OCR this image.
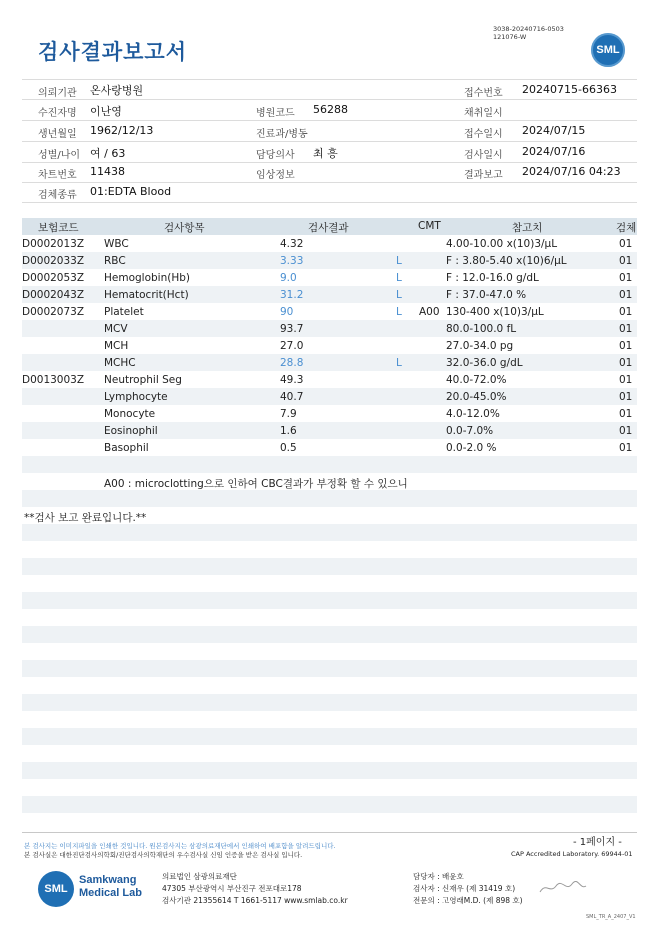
검사결과보고서
3038-20240716-0503
121076-W
SML
의뢰기관 온사랑병원	접수번호 20240715-66363
수진자명 이난영	병원코드 56288	채취일시
생년월일 1962/12/13	진료과/병동	접수일시 2024/07/15
성별/나이 여 / 63	담당의사 최 흥	검사일시 2024/07/16
차트번호 11438	임상정보	결과보고 2024/07/16 04:23
검체종류 01:EDTA Blood
보험코드	검사항목	검사결과	CMT	참고치	검체
A00 : microclotting으로 인하여 CBC결과가 부정확 할 수 있으니
**검사 보고 완료입니다.**
본 검사지는 이미지파일을 인쇄한 것입니다. 원본검사지는 삼광의료재단에서 인쇄하여 배포함을 알려드립니다.
본 검사실은 대한진단검사의학회/진단검사의학재단의 우수검사실 신임 인증을 받은 검사실 입니다.
- 1페이지 -
CAP Accredited Laboratory. 69944-01
SML
Samkwang
Medical Lab
의료법인 삼광의료재단
47305 부산광역시 부산진구 전포대로178
검사기관 21355614 T 1661-5117 www.smlab.co.kr
담당자 : 배윤호
검사자 : 신재우 (제 31419 호)
전문의 : 고영래M.D. (제 898 호)
SML_TR_A_2407_V1
D0002013Z WBC	4.32	4.00-10.00 x(10)3/μL	01
D0002033Z RBC	3.33	L	F : 3.80-5.40 x(10)6/μL	01
D0002053Z Hemoglobin(Hb)	9.0	L	F : 12.0-16.0 g/dL	01
D0002043Z Hematocrit(Hct)	31.2	L	F : 37.0-47.0 %	01
D0002073Z Platelet	90	L A00 130-400 x(10)3/μL	01
MCV	93.7	80.0-100.0 fL	01
MCH	27.0	27.0-34.0 pg	01
MCHC	28.8	L	32.0-36.0 g/dL	01
D0013003Z Neutrophil Seg	49.3	40.0-72.0%	01
Lymphocyte	40.7	20.0-45.0%	01
Monocyte	7.9	4.0-12.0%	01
Eosinophil	1.6	0.0-7.0%	01
Basophil	0.5	0.0-2.0 %	01
